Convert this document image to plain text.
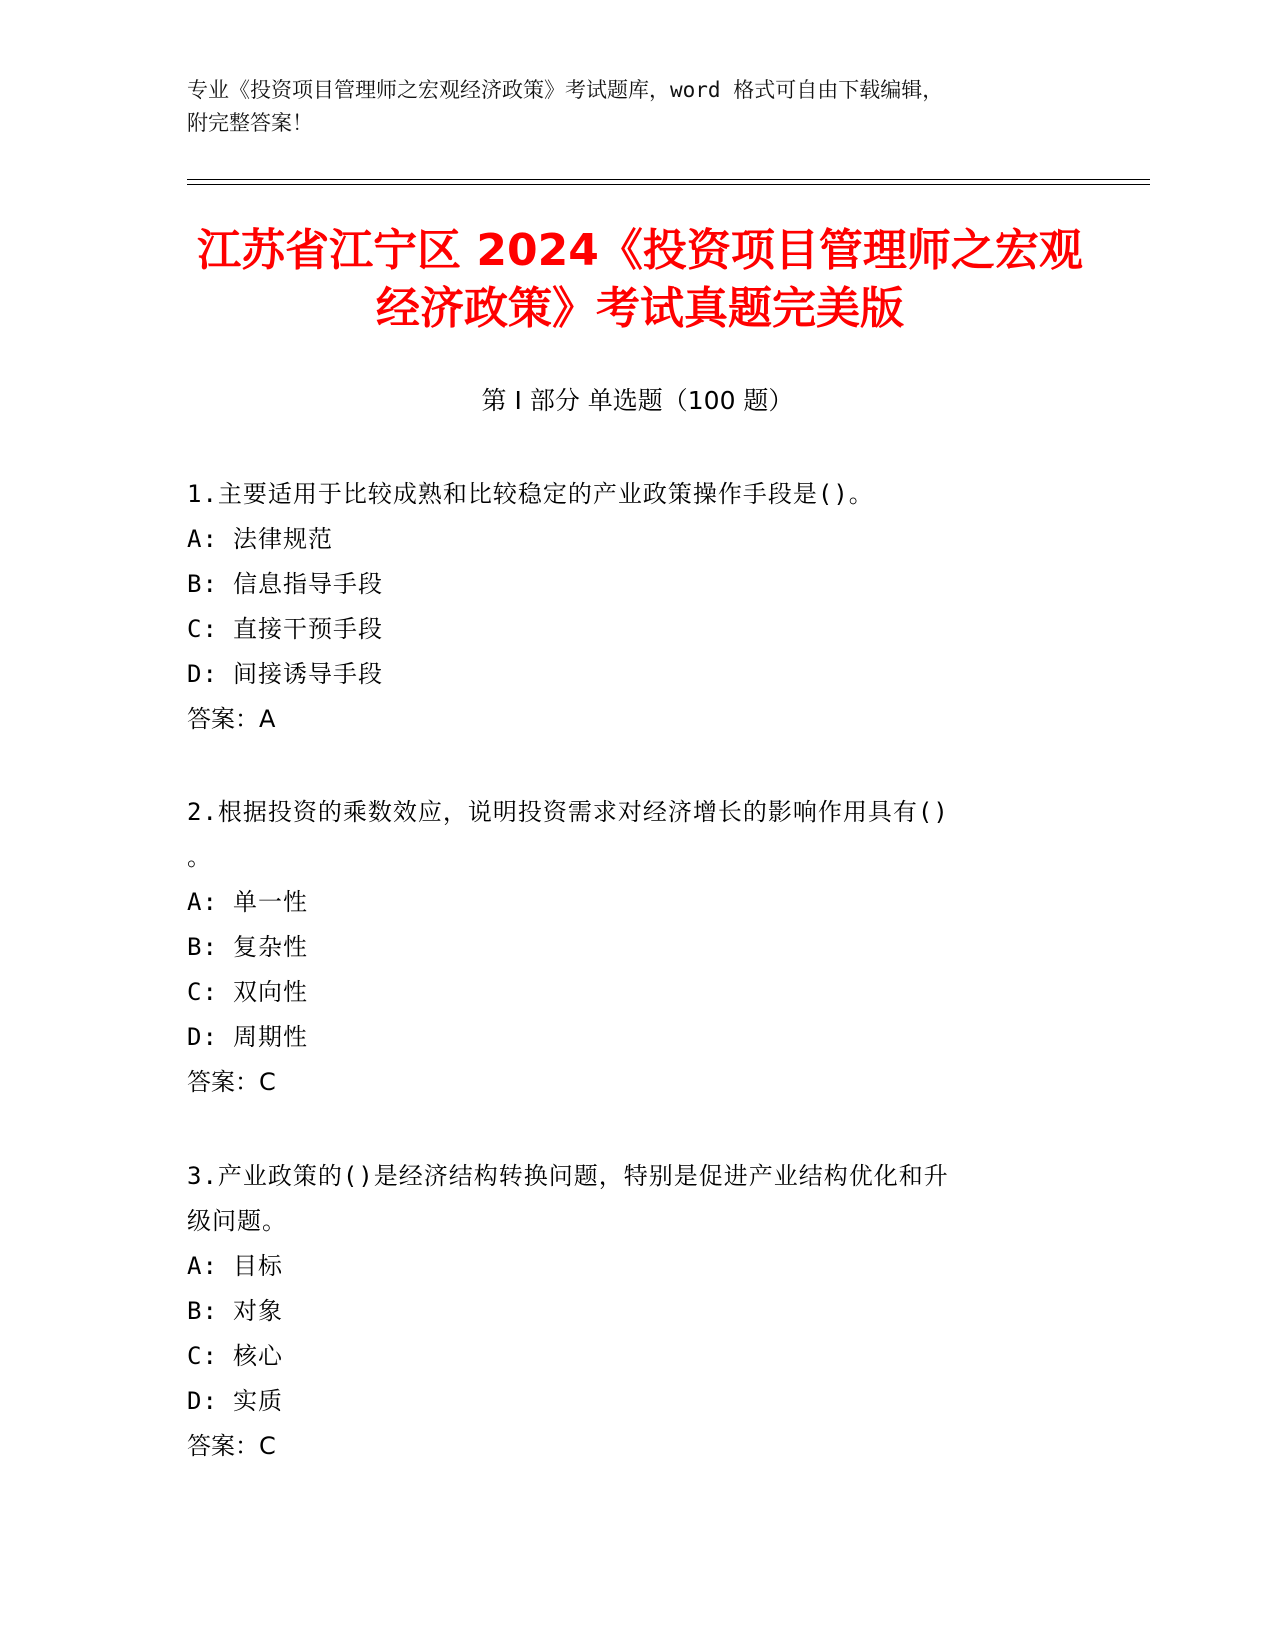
专业《投资项目管理师之宏观经济政策》考试题库，word 格式可自由下载编辑，
附完整答案！
江苏省江宁区 2024《投资项目管理师之宏观
经济政策》考试真题完美版
第 I 部分 单选题（100 题）

1.主要适用于比较成熟和比较稳定的产业政策操作手段是()。

A: 法律规范

B: 信息指导手段

C: 直接干预手段

D: 间接诱导手段

答案：A

2.根据投资的乘数效应，说明投资需求对经济增长的影响作用具有()

。

A: 单一性

B: 复杂性

C: 双向性

D: 周期性

答案：C

3.产业政策的()是经济结构转换问题，特别是促进产业结构优化和升

级问题。

A: 目标

B: 对象

C: 核心

D: 实质

答案：C
